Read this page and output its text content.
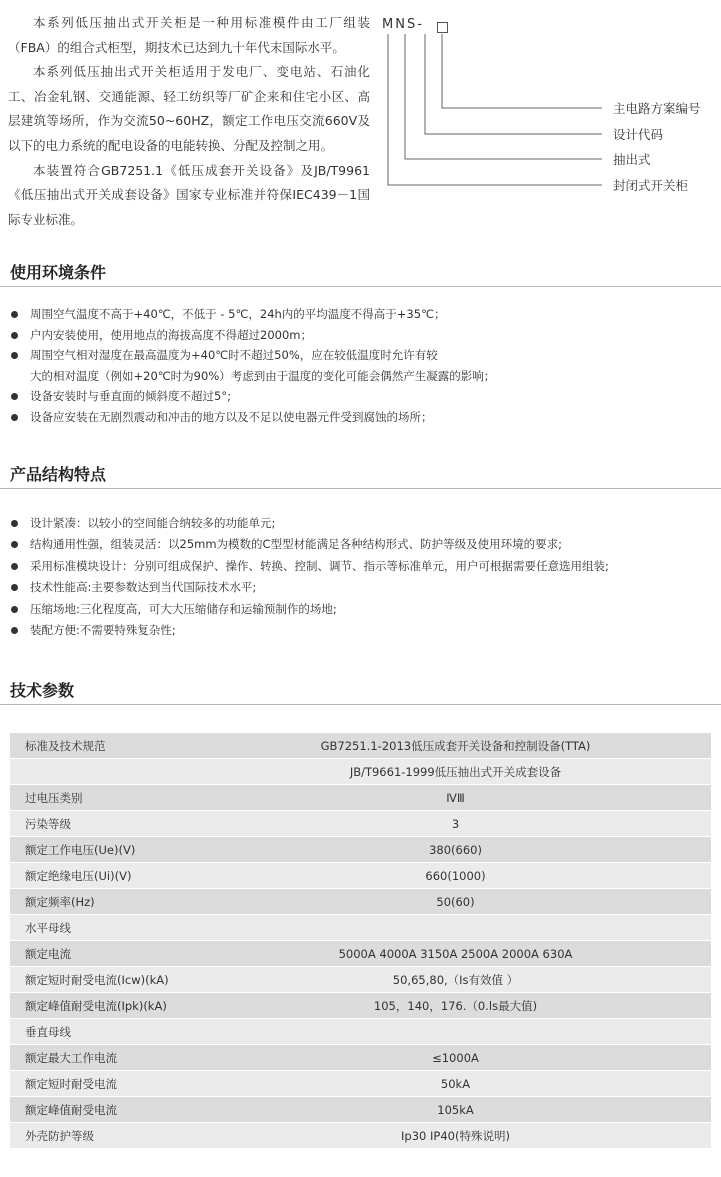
本系列低压抽出式开关柜是一种用标准模件由工厂组装（FBA）的组合式柜型，期技术已达到九十年代末国际水平。

本系列低压抽出式开关柜适用于发电厂、变电站、石油化工、冶金轧钢、交通能源、轻工纺织等厂矿企来和住宅小区、高层建筑等场所，作为交流50~60HZ，额定工作电压交流660V及以下的电力系统的配电设备的电能转换、分配及控制之用。

本装置符合GB7251.1《低压成套开关设备》及JB/T9961《低压抽出式开关成套设备》国家专业标准并符保IEC439－1国际专业标准。

MNS-
主电路方案编号
设计代码
抽出式
封闭式开关柜
使用环境条件
周围空气温度不高于+40℃，不低于 - 5℃，24h内的平均温度不得高于+35℃；
户内安装使用，使用地点的海拔高度不得超过2000m；
周围空气相对湿度在最高温度为+40℃时不超过50%，应在较低温度时允许有较
大的相对温度（例如+20℃时为90%）考虑到由于温度的变化可能会偶然产生凝露的影响；
设备安装时与垂直面的倾斜度不超过5°;
设备应安装在无剧烈震动和冲击的地方以及不足以使电器元件受到腐蚀的场所；
产品结构特点
设计紧凑：以较小的空间能合纳较多的功能单元;
结构通用性强，组装灵活：以25mm为模数的C型型材能满足各种结构形式、防护等级及使用环境的要求;
采用标准模块设计：分别可组成保护、操作、转换、控制、调节、指示等标准单元，用户可根据需要任意选用组装;
技术性能高:主要参数达到当代国际技术水平;
压缩场地:三化程度高，可大大压缩储存和运输预制作的场地;
装配方便:不需要特殊复杂性;
技术参数
标准及技术规范	GB7251.1-2013低压成套开关设备和控制设备(TTA)
	JB/T9661-1999低压抽出式开关成套设备
过电压类别	ⅣⅢ
污染等级	3
额定工作电压(Ue)(V)	380(660)
额定绝缘电压(Ui)(V)	660(1000)
额定频率(Hz)	50(60)
水平母线	
额定电流	5000A 4000A 3150A 2500A 2000A 630A
额定短时耐受电流(Icw)(kA)	50,65,80,（Is有效值 ）
额定峰值耐受电流(Ipk)(kA)	105，140，176.（0.ls最大值)
垂直母线	
额定最大工作电流	≤1000A
额定短时耐受电流	50kA
额定峰值耐受电流	105kA
外壳防护等级	Ip30 IP40(特殊说明)
